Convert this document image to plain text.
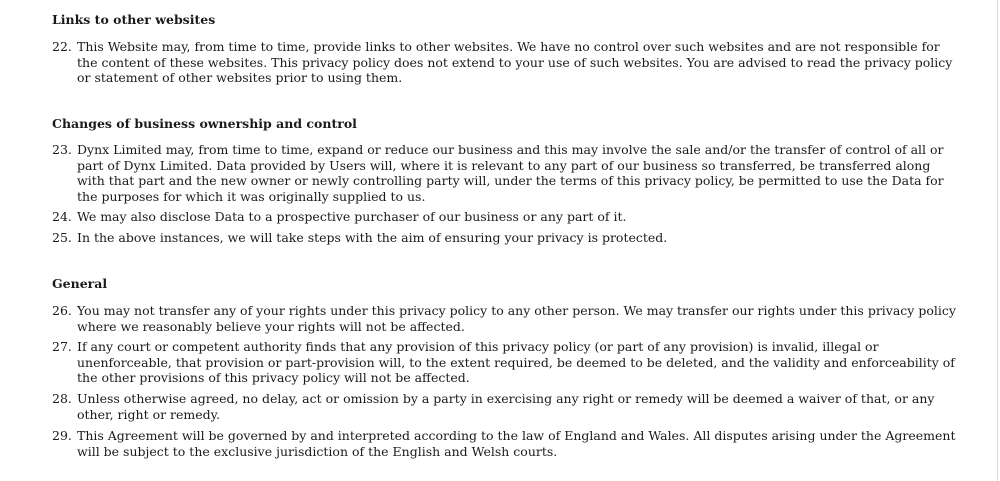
Links to other websites
22. This Website may, from time to time, provide links to other websites. We have no control over such websites and are not responsible for the content of these websites. This privacy policy does not extend to your use of such websites. You are advised to read the privacy policy or statement of other websites prior to using them.
Changes of business ownership and control
23. Dynx Limited may, from time to time, expand or reduce our business and this may involve the sale and/or the transfer of control of all or part of Dynx Limited. Data provided by Users will, where it is relevant to any part of our business so transferred, be transferred along with that part and the new owner or newly controlling party will, under the terms of this privacy policy, be permitted to use the Data for the purposes for which it was originally supplied to us.
24. We may also disclose Data to a prospective purchaser of our business or any part of it.
25. In the above instances, we will take steps with the aim of ensuring your privacy is protected.
General
26. You may not transfer any of your rights under this privacy policy to any other person. We may transfer our rights under this privacy policy where we reasonably believe your rights will not be affected.
27. If any court or competent authority finds that any provision of this privacy policy (or part of any provision) is invalid, illegal or unenforceable, that provision or part-provision will, to the extent required, be deemed to be deleted, and the validity and enforceability of the other provisions of this privacy policy will not be affected.
28. Unless otherwise agreed, no delay, act or omission by a party in exercising any right or remedy will be deemed a waiver of that, or any other, right or remedy.
29. This Agreement will be governed by and interpreted according to the law of England and Wales. All disputes arising under the Agreement will be subject to the exclusive jurisdiction of the English and Welsh courts.
